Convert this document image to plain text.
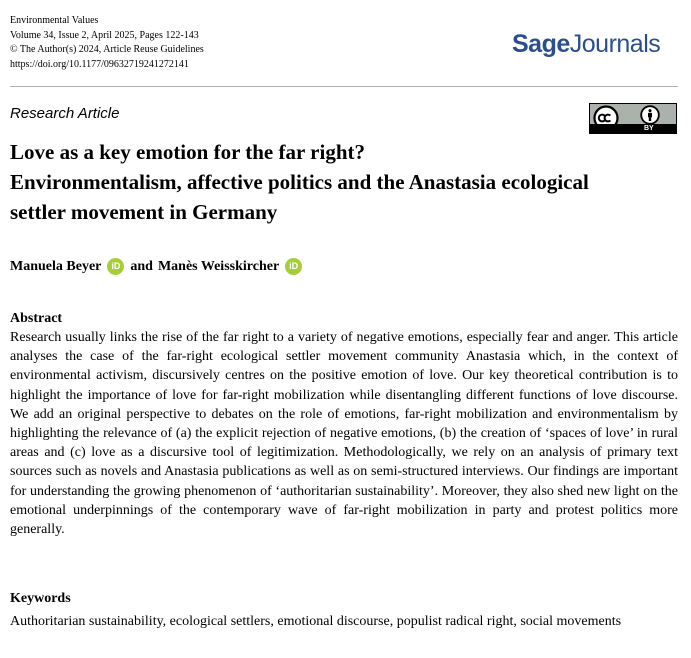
Environmental Values
Volume 34, Issue 2, April 2025, Pages 122-143
© The Author(s) 2024, Article Reuse Guidelines
https://doi.org/10.1177/09632719241272141
SageJournals
Research Article
BY
Love as a key emotion for the far right?
Environmentalism, affective politics and the Anastasia ecological
settler movement in Germany
Manuela Beyer	iD and Manès Weisskircher	iD
Abstract

Research usually links the rise of the far right to a variety of negative emotions, especially fear and anger. This article analyses the case of the far-right ecological settler movement community Anastasia which, in the context of environmental activism, discursively centres on the positive emotion of love. Our key theoretical contribution is to highlight the importance of love for far-right mobilization while disentangling different functions of love discourse. We add an original perspective to debates on the role of emotions, far-right mobilization and environmentalism by highlighting the relevance of (a) the explicit rejection of negative emotions, (b) the creation of ‘spaces of love’ in rural areas and (c) love as a discursive tool of legitimization. Methodologically, we rely on an analysis of primary text sources such as novels and Anastasia publications as well as on semi-structured interviews. Our findings are important for understanding the growing phenomenon of ‘authoritarian sustainability’. Moreover, they also shed new light on the emotional underpinnings of the contemporary wave of far-right mobilization in party and protest politics more generally.

Keywords

Authoritarian sustainability, ecological settlers, emotional discourse, populist radical right, social movements
